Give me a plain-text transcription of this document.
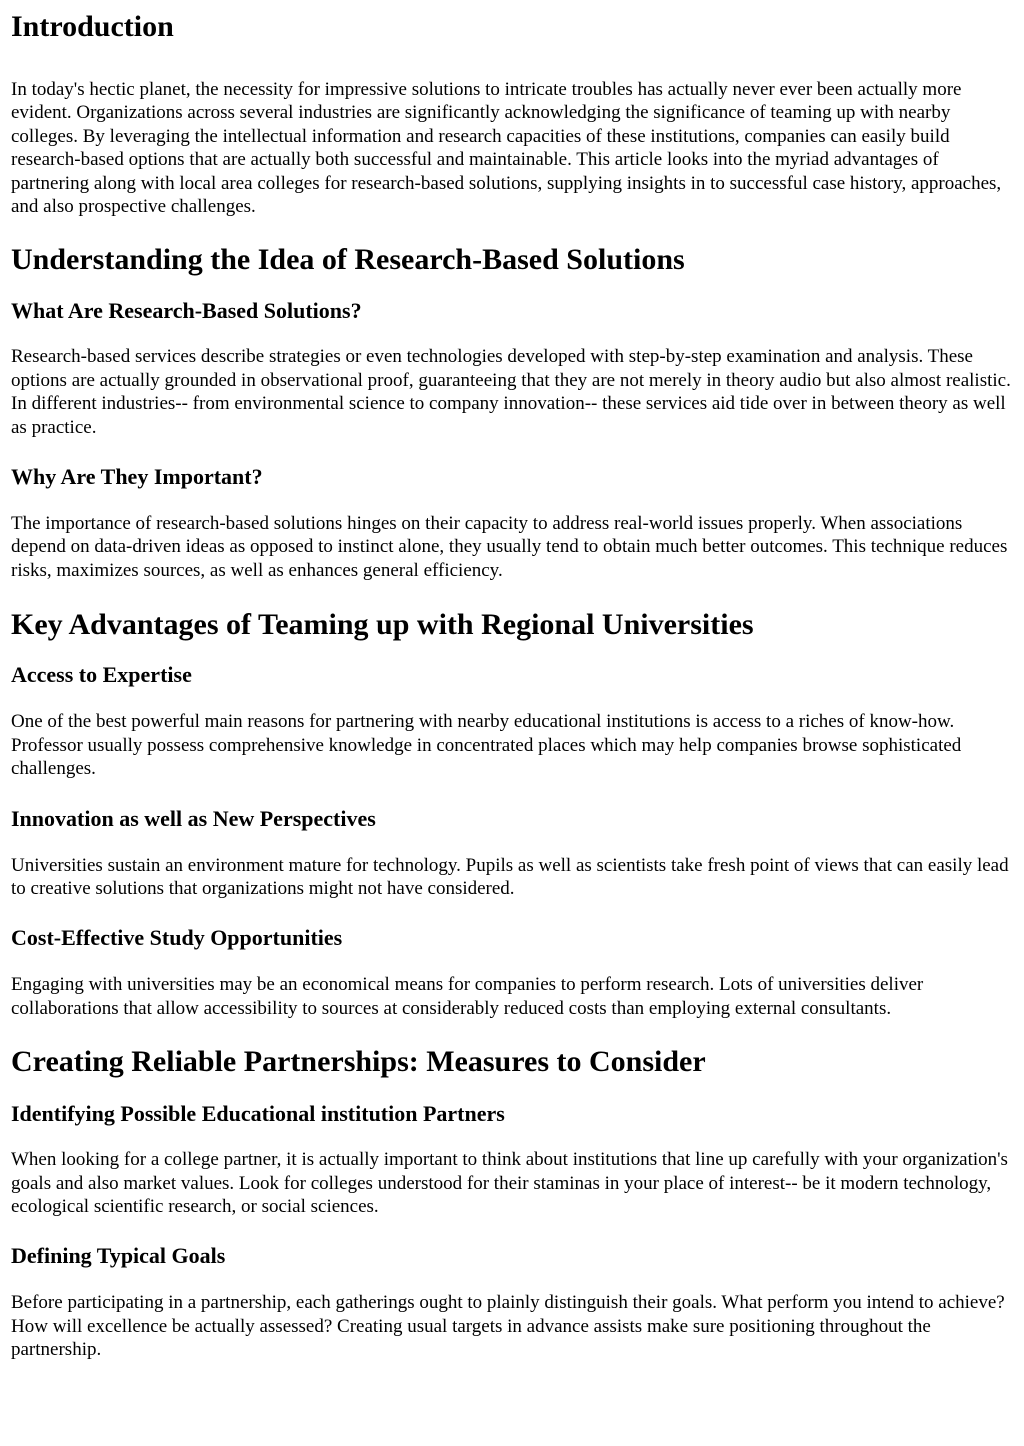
Introduction

In today's hectic planet, the necessity for impressive solutions to intricate troubles has actually never ever been actually more evident. Organizations across several industries are significantly acknowledging the significance of teaming up with nearby colleges. By leveraging the intellectual information and research capacities of these institutions, companies can easily build research-based options that are actually both successful and maintainable. This article looks into the myriad advantages of partnering along with local area colleges for research-based solutions, supplying insights in to successful case history, approaches, and also prospective challenges.

Understanding the Idea of Research-Based Solutions
What Are Research-Based Solutions?

Research-based services describe strategies or even technologies developed with step-by-step examination and analysis. These options are actually grounded in observational proof, guaranteeing that they are not merely in theory audio but also almost realistic. In different industries-- from environmental science to company innovation-- these services aid tide over in between theory as well as practice.

Why Are They Important?

The importance of research-based solutions hinges on their capacity to address real-world issues properly. When associations depend on data-driven ideas as opposed to instinct alone, they usually tend to obtain much better outcomes. This technique reduces risks, maximizes sources, as well as enhances general efficiency.

Key Advantages of Teaming up with Regional Universities
Access to Expertise

One of the best powerful main reasons for partnering with nearby educational institutions is access to a riches of know-how. Professor usually possess comprehensive knowledge in concentrated places which may help companies browse sophisticated challenges.

Innovation as well as New Perspectives

Universities sustain an environment mature for technology. Pupils as well as scientists take fresh point of views that can easily lead to creative solutions that organizations might not have considered.

Cost-Effective Study Opportunities

Engaging with universities may be an economical means for companies to perform research. Lots of universities deliver collaborations that allow accessibility to sources at considerably reduced costs than employing external consultants.

Creating Reliable Partnerships: Measures to Consider
Identifying Possible Educational institution Partners

When looking for a college partner, it is actually important to think about institutions that line up carefully with your organization's goals and also market values. Look for colleges understood for their staminas in your place of interest-- be it modern technology, ecological scientific research, or social sciences.

Defining Typical Goals

Before participating in a partnership, each gatherings ought to plainly distinguish their goals. What perform you intend to achieve? How will excellence be actually assessed? Creating usual targets in advance assists make sure positioning throughout the partnership.
